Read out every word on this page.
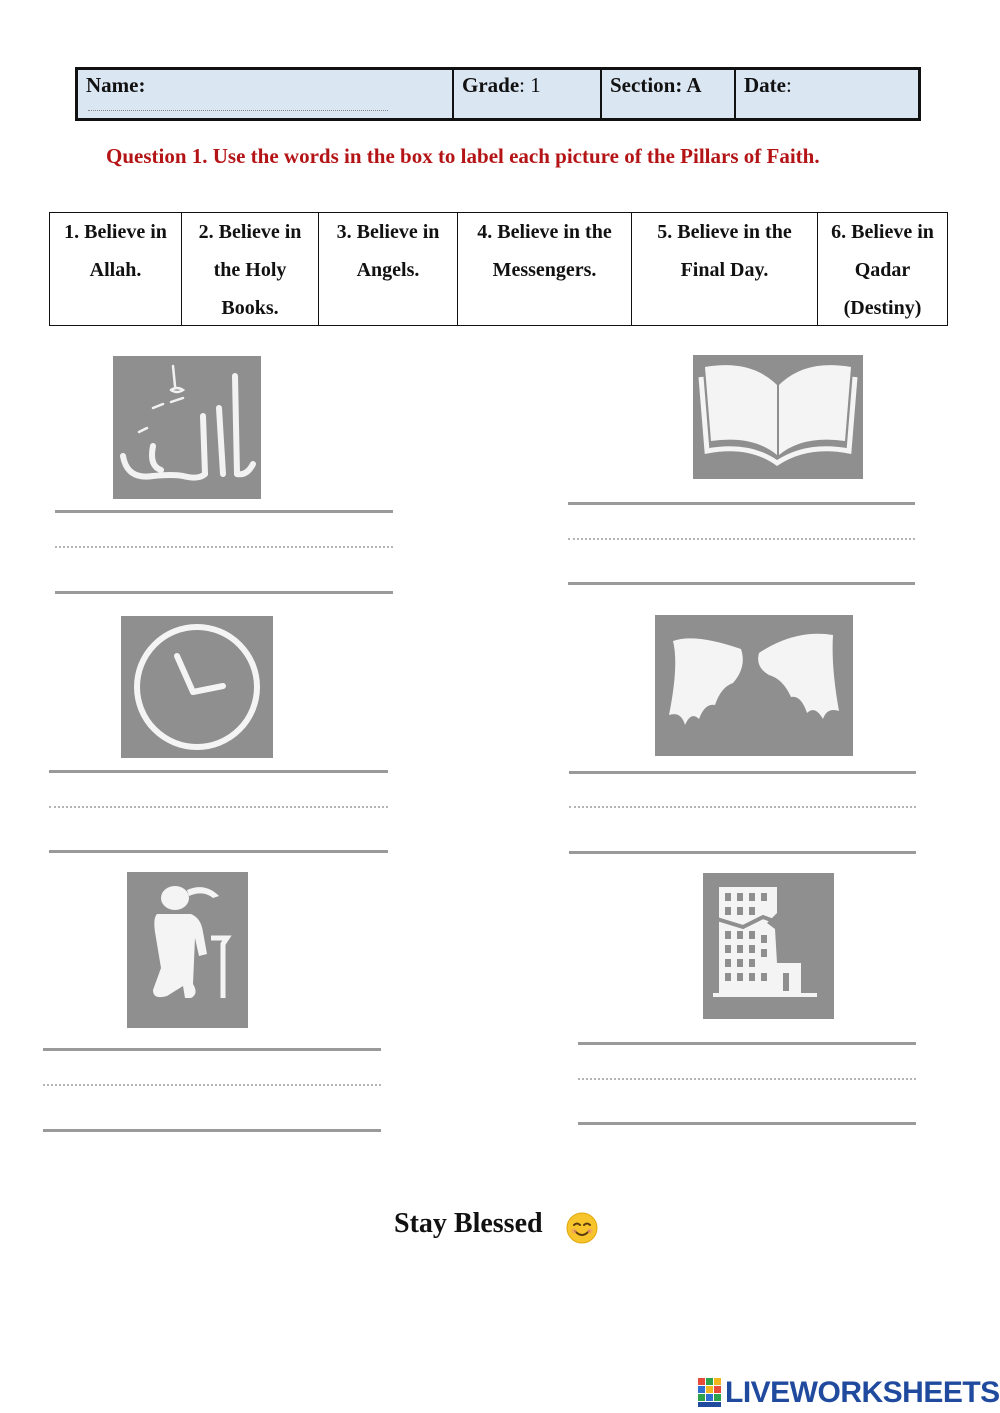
Name:	Grade: 1	Section: A	Date:
Question 1. Use the words in the box to label each picture of the Pillars of Faith.
1. Believe in Allah.
2. Believe in the Holy Books.
3. Believe in Angels.
4. Believe in the Messengers.
5. Believe in the Final Day.
6. Believe in Qadar (Destiny)
Stay Blessed
LIVEWORKSHEETS
